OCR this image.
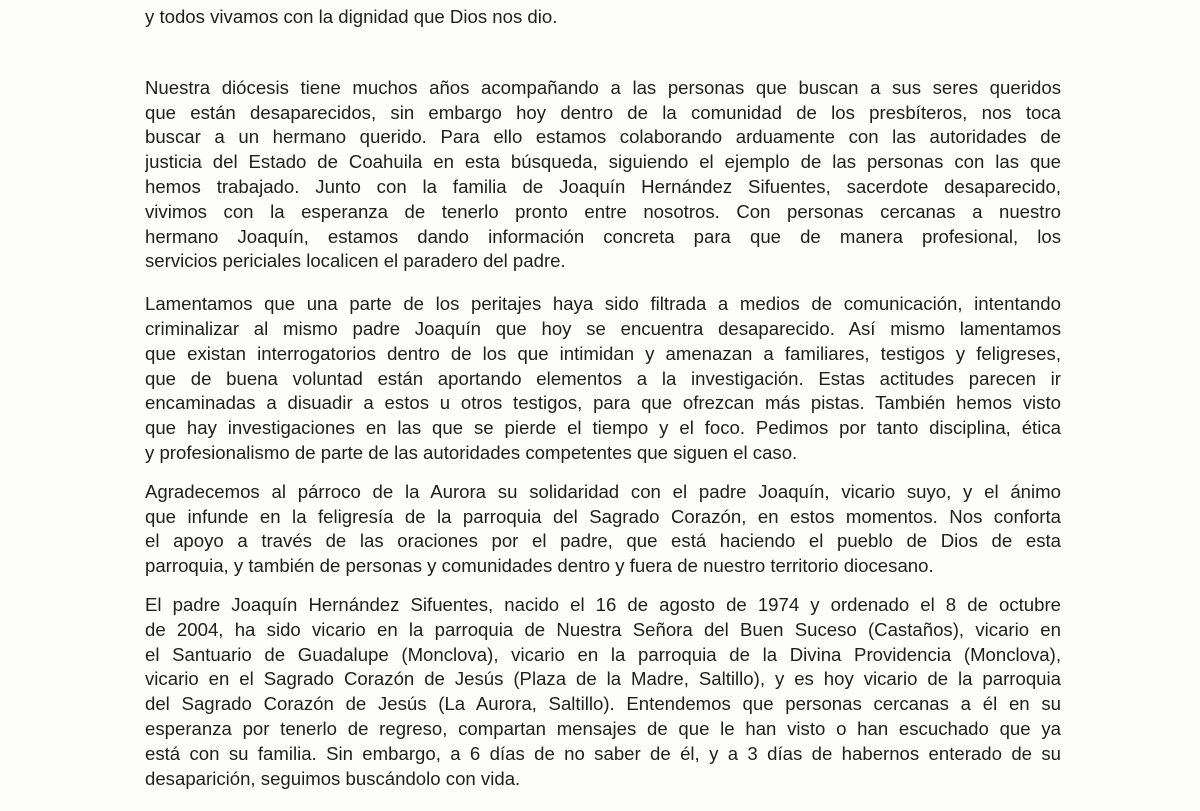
y todos vivamos con la dignidad que Dios nos dio.
Nuestra diócesis tiene muchos años acompañando a las personas que buscan a sus seres queridos
que están desaparecidos, sin embargo hoy dentro de la comunidad de los presbíteros, nos toca
buscar a un hermano querido. Para ello estamos colaborando arduamente con las autoridades de
justicia del Estado de Coahuila en esta búsqueda, siguiendo el ejemplo de las personas con las que
hemos trabajado. Junto con la familia de Joaquín Hernández Sifuentes, sacerdote desaparecido,
vivimos con la esperanza de tenerlo pronto entre nosotros. Con personas cercanas a nuestro
hermano Joaquín, estamos dando información concreta para que de manera profesional, los
servicios periciales localicen el paradero del padre.
Lamentamos que una parte de los peritajes haya sido filtrada a medios de comunicación, intentando
criminalizar al mismo padre Joaquín que hoy se encuentra desaparecido. Así mismo lamentamos
que existan interrogatorios dentro de los que intimidan y amenazan a familiares, testigos y feligreses,
que de buena voluntad están aportando elementos a la investigación. Estas actitudes parecen ir
encaminadas a disuadir a estos u otros testigos, para que ofrezcan más pistas. También hemos visto
que hay investigaciones en las que se pierde el tiempo y el foco. Pedimos por tanto disciplina, ética
y profesionalismo de parte de las autoridades competentes que siguen el caso.
Agradecemos al párroco de la Aurora su solidaridad con el padre Joaquín, vicario suyo, y el ánimo
que infunde en la feligresía de la parroquia del Sagrado Corazón, en estos momentos. Nos conforta
el apoyo a través de las oraciones por el padre, que está haciendo el pueblo de Dios de esta
parroquia, y también de personas y comunidades dentro y fuera de nuestro territorio diocesano.
El padre Joaquín Hernández Sifuentes, nacido el 16 de agosto de 1974 y ordenado el 8 de octubre
de 2004, ha sido vicario en la parroquia de Nuestra Señora del Buen Suceso (Castaños), vicario en
el Santuario de Guadalupe (Monclova), vicario en la parroquia de la Divina Providencia (Monclova),
vicario en el Sagrado Corazón de Jesús (Plaza de la Madre, Saltillo), y es hoy vicario de la parroquia
del Sagrado Corazón de Jesús (La Aurora, Saltillo). Entendemos que personas cercanas a él en su
esperanza por tenerlo de regreso, compartan mensajes de que le han visto o han escuchado que ya
está con su familia. Sin embargo, a 6 días de no saber de él, y a 3 días de habernos enterado de su
desaparición, seguimos buscándolo con vida.
